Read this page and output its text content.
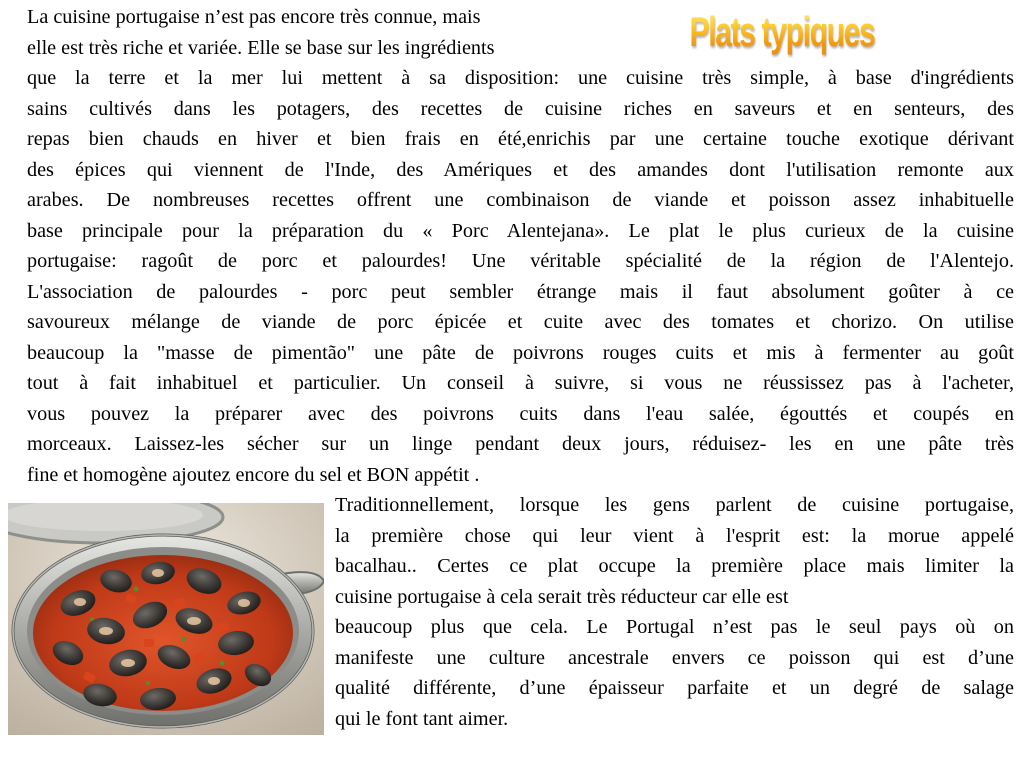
La cuisine portugaise n’est pas encore très connue, mais
elle est très riche et variée. Elle se base sur les ingrédients	Plats typiques
que la terre et la mer lui mettent à sa disposition: une cuisine très simple, à base d'ingrédients
sains cultivés dans les potagers, des recettes de cuisine riches en saveurs et en senteurs, des
repas bien chauds en hiver et bien frais en été,enrichis par une certaine touche exotique dérivant
des épices qui viennent de l'Inde, des Amériques et des amandes dont l'utilisation remonte aux
arabes. De nombreuses recettes offrent une combinaison de viande et poisson assez inhabituelle
base principale pour la préparation du « Porc Alentejana». Le plat le plus curieux de la cuisine
portugaise: ragoût de porc et palourdes! Une véritable spécialité de la région de l'Alentejo.
L'association de palourdes - porc peut sembler étrange mais il faut absolument goûter à ce
savoureux mélange de viande de porc épicée et cuite avec des tomates et chorizo. On utilise
beaucoup la "masse de pimentão" une pâte de poivrons rouges cuits et mis à fermenter au goût
tout à fait inhabituel et particulier. Un conseil à suivre, si vous ne réussissez pas à l'acheter,
vous pouvez la préparer avec des poivrons cuits dans l'eau salée, égouttés et coupés en
morceaux. Laissez-les sécher sur un linge pendant deux jours, réduisez- les en une pâte très
fine et homogène ajoutez encore du sel et BON appétit .
Traditionnellement, lorsque les gens parlent de cuisine portugaise,
la première chose qui leur vient à l'esprit est: la morue appelé
bacalhau.. Certes ce plat occupe la première place mais limiter la
cuisine portugaise à cela serait très réducteur car elle est
beaucoup plus que cela. Le Portugal n’est pas le seul pays où on
manifeste une culture ancestrale envers ce poisson qui est d’une
qualité différente, d’une épaisseur parfaite et un degré de salage
qui le font tant aimer.
